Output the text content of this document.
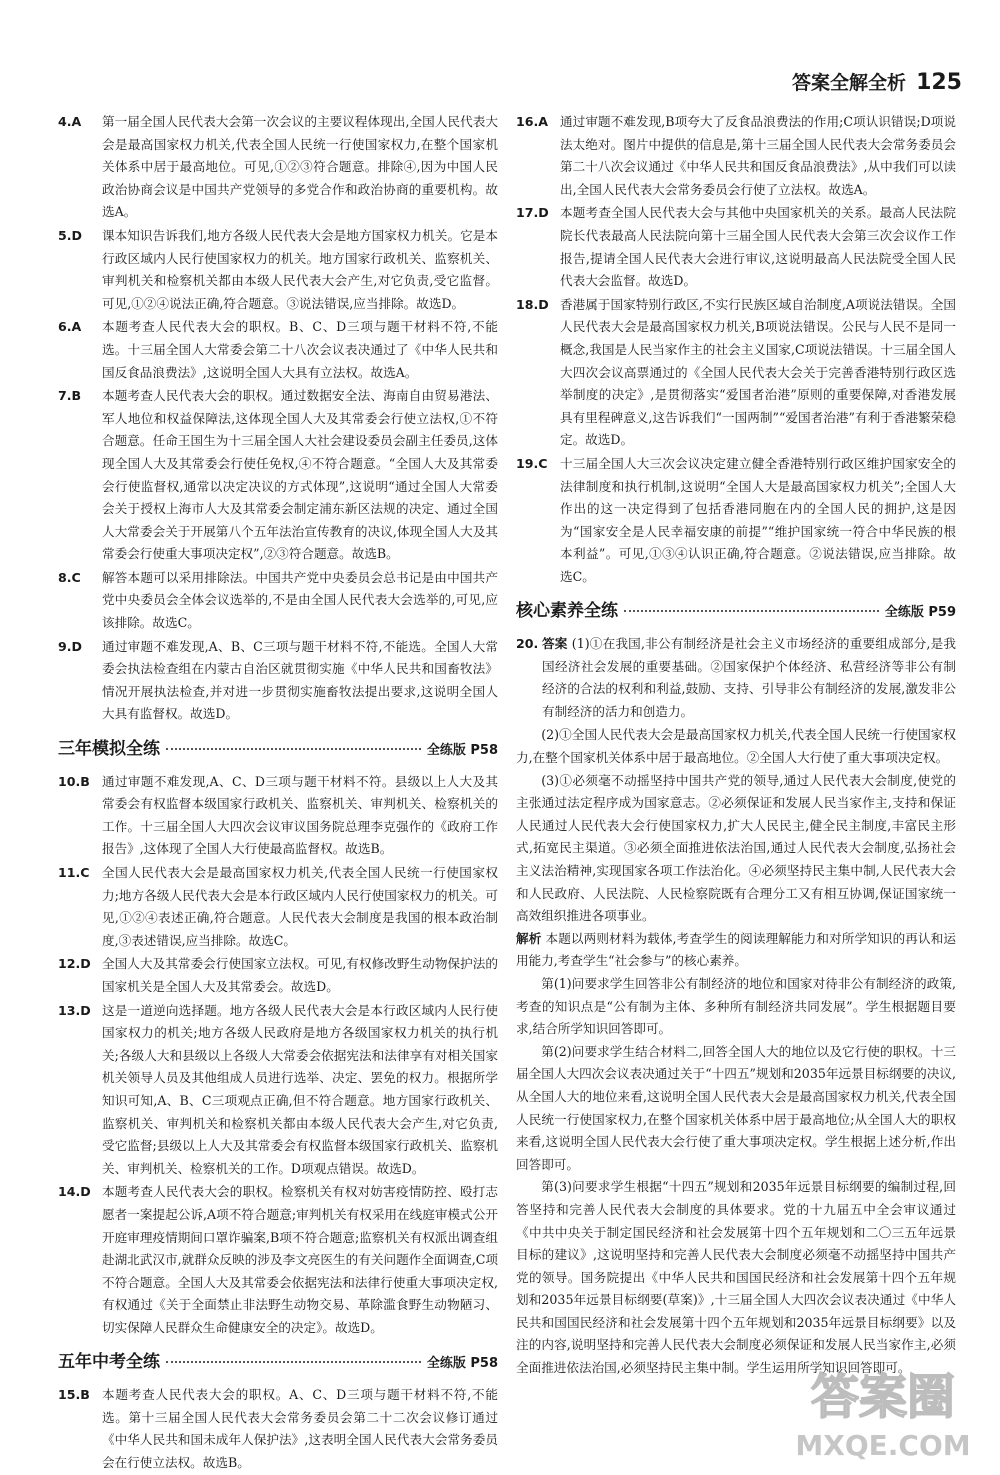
答案全解全析 125
4.A	第一届全国人民代表大会第一次会议的主要议程体现出,全国人民代表大会是最高国家权力机关,代表全国人民统一行使国家权力,在整个国家机关体系中居于最高地位。可见,①②③符合题意。排除④,因为中国人民政治协商会议是中国共产党领导的多党合作和政治协商的重要机构。故选A。
5.D	课本知识告诉我们,地方各级人民代表大会是地方国家权力机关。它是本行政区域内人民行使国家权力的机关。地方国家行政机关、监察机关、审判机关和检察机关都由本级人民代表大会产生,对它负责,受它监督。可见,①②④说法正确,符合题意。③说法错误,应当排除。故选D。
6.A	本题考查人民代表大会的职权。B、C、D三项与题干材料不符,不能选。十三届全国人大常委会第二十八次会议表决通过了《中华人民共和国反食品浪费法》,这说明全国人大具有立法权。故选A。
7.B	本题考查人民代表大会的职权。通过数据安全法、海南自由贸易港法、军人地位和权益保障法,这体现全国人大及其常委会行使立法权,①不符合题意。任命王国生为十三届全国人大社会建设委员会副主任委员,这体现全国人大及其常委会行使任免权,④不符合题意。“全国人大及其常委会行使监督权,通常以决定决议的方式体现”,这说明“通过全国人大常委会关于授权上海市人大及其常委会制定浦东新区法规的决定、通过全国人大常委会关于开展第八个五年法治宣传教育的决议,体现全国人大及其常委会行使重大事项决定权”,②③符合题意。故选B。
8.C	解答本题可以采用排除法。中国共产党中央委员会总书记是由中国共产党中央委员会全体会议选举的,不是由全国人民代表大会选举的,可见,应该排除。故选C。
9.D	通过审题不难发现,A、B、C三项与题干材料不符,不能选。全国人大常委会执法检查组在内蒙古自治区就贯彻实施《中华人民共和国畜牧法》情况开展执法检查,并对进一步贯彻实施畜牧法提出要求,这说明全国人大具有监督权。故选D。
三年模拟全练	全练版 P58
10.B 通过审题不难发现,A、C、D三项与题干材料不符。县级以上人大及其常委会有权监督本级国家行政机关、监察机关、审判机关、检察机关的工作。十三届全国人大四次会议审议国务院总理李克强作的《政府工作报告》,这体现了全国人大行使最高监督权。故选B。
11.C 全国人民代表大会是最高国家权力机关,代表全国人民统一行使国家权力;地方各级人民代表大会是本行政区域内人民行使国家权力的机关。可见,①②④表述正确,符合题意。人民代表大会制度是我国的根本政治制度,③表述错误,应当排除。故选C。
12.D 全国人大及其常委会行使国家立法权。可见,有权修改野生动物保护法的国家机关是全国人大及其常委会。故选D。
13.D 这是一道逆向选择题。地方各级人民代表大会是本行政区域内人民行使国家权力的机关;地方各级人民政府是地方各级国家权力机关的执行机关;各级人大和县级以上各级人大常委会依据宪法和法律享有对相关国家机关领导人员及其他组成人员进行选举、决定、罢免的权力。根据所学知识可知,A、B、C三项观点正确,但不符合题意。地方国家行政机关、监察机关、审判机关和检察机关都由本级人民代表大会产生,对它负责,受它监督;县级以上人大及其常委会有权监督本级国家行政机关、监察机关、审判机关、检察机关的工作。D项观点错误。故选D。
14.D 本题考查人民代表大会的职权。检察机关有权对妨害疫情防控、殴打志愿者一案提起公诉,A项不符合题意;审判机关有权采用在线庭审模式公开开庭审理疫情期间口罩诈骗案,B项不符合题意;监察机关有权派出调查组赴湖北武汉市,就群众反映的涉及李文亮医生的有关问题作全面调查,C项不符合题意。全国人大及其常委会依据宪法和法律行使重大事项决定权,有权通过《关于全面禁止非法野生动物交易、革除滥食野生动物陋习、切实保障人民群众生命健康安全的决定》。故选D。
五年中考全练	全练版 P58
15.B 本题考查人民代表大会的职权。A、C、D三项与题干材料不符,不能选。第十三届全国人民代表大会常务委员会第二十二次会议修订通过《中华人民共和国未成年人保护法》,这表明全国人民代表大会常务委员会在行使立法权。故选B。
16.A 通过审题不难发现,B项夸大了反食品浪费法的作用;C项认识错误;D项说法太绝对。图片中提供的信息是,第十三届全国人民代表大会常务委员会第二十八次会议通过《中华人民共和国反食品浪费法》,从中我们可以读出,全国人民代表大会常务委员会行使了立法权。故选A。
17.D 本题考查全国人民代表大会与其他中央国家机关的关系。最高人民法院院长代表最高人民法院向第十三届全国人民代表大会第三次会议作工作报告,提请全国人民代表大会进行审议,这说明最高人民法院受全国人民代表大会监督。故选D。
18.D 香港属于国家特别行政区,不实行民族区域自治制度,A项说法错误。全国人民代表大会是最高国家权力机关,B项说法错误。公民与人民不是同一概念,我国是人民当家作主的社会主义国家,C项说法错误。十三届全国人大四次会议高票通过的《全国人民代表大会关于完善香港特别行政区选举制度的决定》,是贯彻落实“爱国者治港”原则的重要保障,对香港发展具有里程碑意义,这告诉我们“一国两制”“爱国者治港”有利于香港繁荣稳定。故选D。
19.C 十三届全国人大三次会议决定建立健全香港特别行政区维护国家安全的法律制度和执行机制,这说明“全国人大是最高国家权力机关”;全国人大作出的这一决定得到了包括香港同胞在内的全国人民的拥护,这是因为“国家安全是人民幸福安康的前提”“维护国家统一符合中华民族的根本利益”。可见,①③④认识正确,符合题意。②说法错误,应当排除。故选C。
核心素养全练	全练版 P59
20. 答案 (1)①在我国,非公有制经济是社会主义市场经济的重要组成部分,是我国经济社会发展的重要基础。②国家保护个体经济、私营经济等非公有制经济的合法的权利和利益,鼓励、支持、引导非公有制经济的发展,激发非公有制经济的活力和创造力。

(2)①全国人民代表大会是最高国家权力机关,代表全国人民统一行使国家权力,在整个国家机关体系中居于最高地位。②全国人大行使了重大事项决定权。

(3)①必须毫不动摇坚持中国共产党的领导,通过人民代表大会制度,使党的主张通过法定程序成为国家意志。②必须保证和发展人民当家作主,支持和保证人民通过人民代表大会行使国家权力,扩大人民民主,健全民主制度,丰富民主形式,拓宽民主渠道。③必须全面推进依法治国,通过人民代表大会制度,弘扬社会主义法治精神,实现国家各项工作法治化。④必须坚持民主集中制,人民代表大会和人民政府、人民法院、人民检察院既有合理分工又有相互协调,保证国家统一高效组织推进各项事业。

解析 本题以两则材料为载体,考查学生的阅读理解能力和对所学知识的再认和运用能力,考查学生“社会参与”的核心素养。

第(1)问要求学生回答非公有制经济的地位和国家对待非公有制经济的政策,考查的知识点是“公有制为主体、多种所有制经济共同发展”。学生根据题目要求,结合所学知识回答即可。

第(2)问要求学生结合材料二,回答全国人大的地位以及它行使的职权。十三届全国人大四次会议表决通过关于“十四五”规划和2035年远景目标纲要的决议,从全国人大的地位来看,这说明全国人民代表大会是最高国家权力机关,代表全国人民统一行使国家权力,在整个国家机关体系中居于最高地位;从全国人大的职权来看,这说明全国人民代表大会行使了重大事项决定权。学生根据上述分析,作出回答即可。

第(3)问要求学生根据“十四五”规划和2035年远景目标纲要的编制过程,回答坚持和完善人民代表大会制度的具体要求。党的十九届五中全会审议通过《中共中央关于制定国民经济和社会发展第十四个五年规划和二〇三五年远景目标的建议》,这说明坚持和完善人民代表大会制度必须毫不动摇坚持中国共产党的领导。国务院提出《中华人民共和国国民经济和社会发展第十四个五年规划和2035年远景目标纲要(草案)》,十三届全国人大四次会议表决通过《中华人民共和国国民经济和社会发展第十四个五年规划和2035年远景目标纲要》以及注的内容,说明坚持和完善人民代表大会制度必须保证和发展人民当家作主,必须全面推进依法治国,必须坚持民主集中制。学生运用所学知识回答即可。

答案圈
MXQE.COM
